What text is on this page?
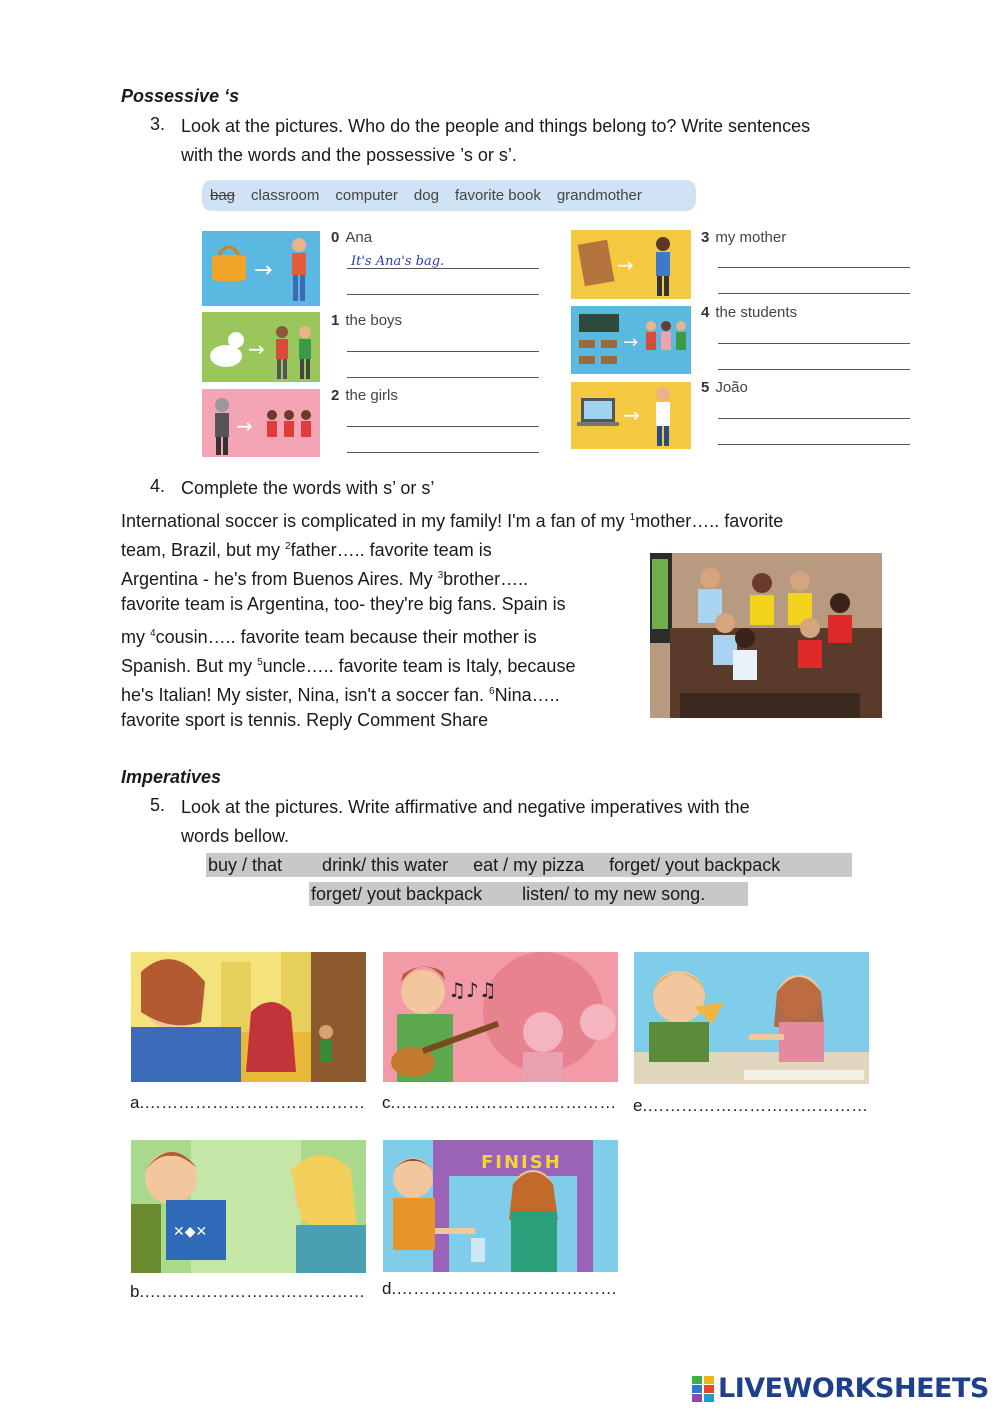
Possessive ‘s
3. Look at the pictures. Who do the people and things belong to? Write sentences
with the words and the possessive ’s or s’.
bag classroom computer dog favorite book grandmother
→
→
→
0 Ana
It's Ana's bag.
1 the boys
2 the girls
→
→
→
3 my mother
4 the students
5 João
4. Complete the words with s’ or s’
International soccer is complicated in my family! I'm a fan of my $^1$mother….. favorite
team, Brazil, but my $^2$father….. favorite team is
Argentina - he's from Buenos Aires. My $^3$brother…..
favorite team is Argentina, too- they're big fans. Spain is
my $^4$cousin….. favorite team because their mother is
Spanish. But my $^5$uncle….. favorite team is Italy, because
he's Italian! My sister, Nina, isn't a soccer fan. $^6$Nina…..
favorite sport is tennis. Reply Comment Share
Imperatives
5. Look at the pictures. Write affirmative and negative imperatives with the
words bellow.
buy / that        drink/ this water     eat / my pizza     forget/ yout backpack
forget/ yout backpack        listen/ to my new song.
a.…………………………………
♫♪♫
c.………………………………… e.…………………………………
✕◆✕
b.…………………………………
FINISH
d.…………………………………
LIVEWORKSHEETS
